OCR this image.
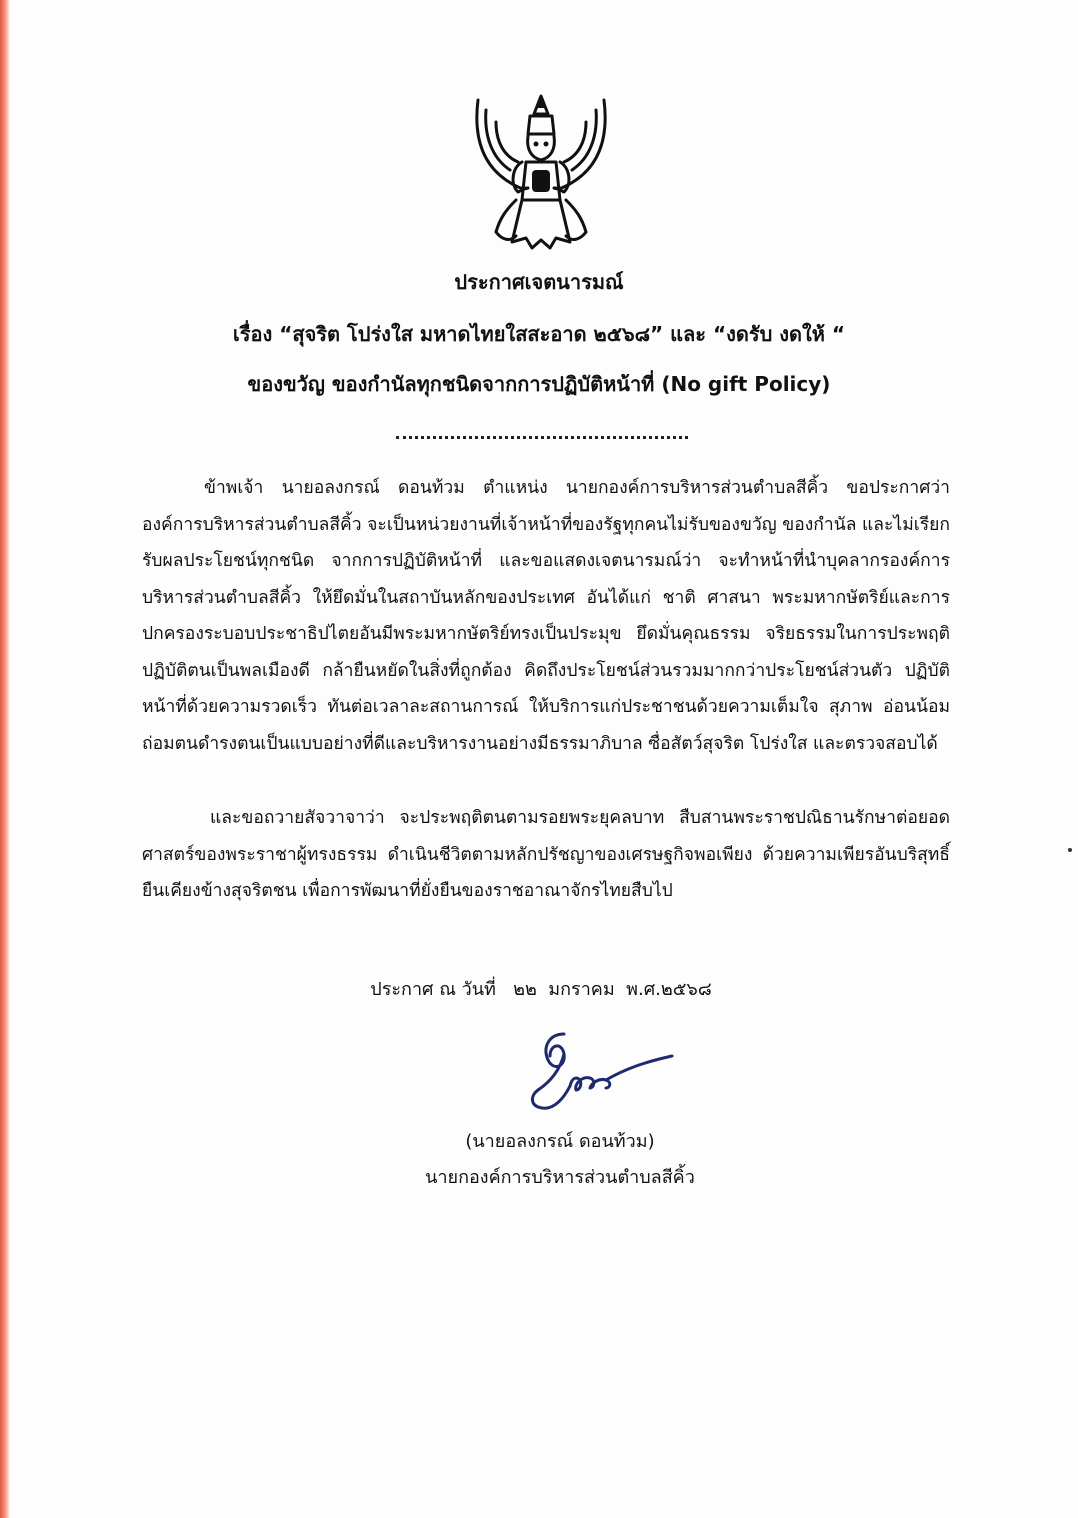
ประกาศเจตนารมณ์
เรื่อง “สุจริต โปร่งใส มหาดไทยใสสะอาด ๒๕๖๘” และ “งดรับ งดให้ “
ของขวัญ ของกำนัลทุกชนิดจากการปฏิบัติหน้าที่ (No gift Policy)

ข้าพเจ้า นายอลงกรณ์ ดอนท้วม ตำแหน่ง นายกองค์การบริหารส่วนตำบลสีคิ้ว ขอประกาศว่า องค์การบริหารส่วนตำบลสีคิ้ว จะเป็นหน่วยงานที่เจ้าหน้าที่ของรัฐทุกคนไม่รับของขวัญ ของกำนัล และไม่เรียกรับผลประโยชน์ทุกชนิด จากการปฏิบัติหน้าที่ และขอแสดงเจตนารมณ์ว่า จะทำหน้าที่นำบุคลากรองค์การบริหารส่วนตำบลสีคิ้ว ให้ยึดมั่นในสถาบันหลักของประเทศ อันได้แก่ ชาติ ศาสนา พระมหากษัตริย์และการปกครองระบอบประชาธิปไตยอันมีพระมหากษัตริย์ทรงเป็นประมุข ยึดมั่นคุณธรรม จริยธรรมในการประพฤติปฏิบัติตนเป็นพลเมืองดี กล้ายืนหยัดในสิ่งที่ถูกต้อง คิดถึงประโยชน์ส่วนรวมมากกว่าประโยชน์ส่วนตัว ปฏิบัติหน้าที่ด้วยความรวดเร็ว ทันต่อเวลาละสถานการณ์ ให้บริการแก่ประชาชนด้วยความเต็มใจ สุภาพ อ่อนน้อมถ่อมตนดำรงตนเป็นแบบอย่างที่ดีและบริหารงานอย่างมีธรรมาภิบาล ซื่อสัตว์สุจริต โปร่งใส และตรวจสอบได้

และขอถวายสัจวาจาว่า จะประพฤติตนตามรอยพระยุคลบาท สืบสานพระราชปณิธานรักษาต่อยอดศาสตร์ของพระราชาผู้ทรงธรรม ดำเนินชีวิตตามหลักปรัชญาของเศรษฐกิจพอเพียง ด้วยความเพียรอันบริสุทธิ์ยืนเคียงข้างสุจริตชน เพื่อการพัฒนาที่ยั่งยืนของราชอาณาจักรไทยสืบไป

ประกาศ ณ วันที่ ๒๒ มกราคม พ.ศ.๒๕๖๘
(นายอลงกรณ์ ดอนท้วม)
นายกองค์การบริหารส่วนตำบลสีคิ้ว
